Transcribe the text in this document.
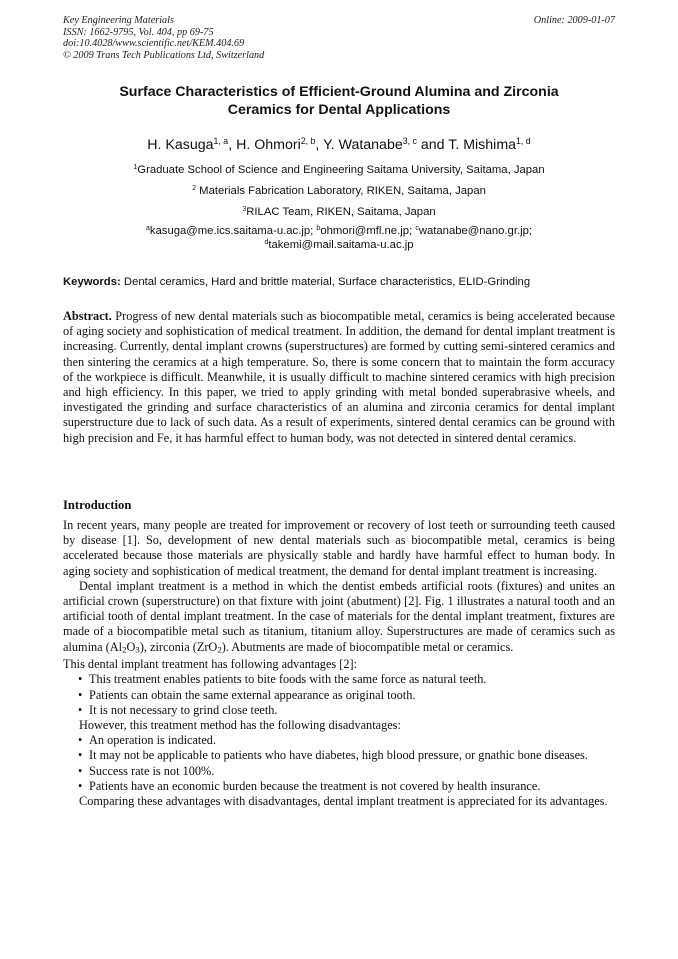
Key Engineering Materials
ISSN: 1662-9795, Vol. 404, pp 69-75
doi:10.4028/www.scientific.net/KEM.404.69
© 2009 Trans Tech Publications Ltd, Switzerland
Online: 2009-01-07
Surface Characteristics of Efficient-Ground Alumina and Zirconia
Ceramics for Dental Applications
H. Kasuga$^{1, a}$, H. Ohmori$^{2, b}$, Y. Watanabe$^{3, c}$ and T. Mishima$^{1, d}$
$^1$Graduate School of Science and Engineering Saitama University, Saitama, Japan
$^2$ Materials Fabrication Laboratory, RIKEN, Saitama, Japan
$^3$RILAC Team, RIKEN, Saitama, Japan
$^a$kasuga@me.ics.saitama-u.ac.jp; $^b$ohmori@mfl.ne.jp; $^c$watanabe@nano.gr.jp;
$^d$takemi@mail.saitama-u.ac.jp
Keywords: Dental ceramics, Hard and brittle material, Surface characteristics, ELID-Grinding

Abstract. Progress of new dental materials such as biocompatible metal, ceramics is being accelerated because of aging society and sophistication of medical treatment. In addition, the demand for dental implant treatment is increasing. Currently, dental implant crowns (superstructures) are formed by cutting semi-sintered ceramics and then sintering the ceramics at a high temperature. So, there is some concern that to maintain the form accuracy of the workpiece is difficult. Meanwhile, it is usually difficult to machine sintered ceramics with high precision and high efficiency. In this paper, we tried to apply grinding with metal bonded superabrasive wheels, and investigated the grinding and surface characteristics of an alumina and zirconia ceramics for dental implant superstructure due to lack of such data. As a result of experiments, sintered dental ceramics can be ground with high precision and Fe, it has harmful effect to human body, was not detected in sintered dental ceramics.

Introduction

In recent years, many people are treated for improvement or recovery of lost teeth or surrounding teeth caused by disease [1]. So, development of new dental materials such as biocompatible metal, ceramics is being accelerated because those materials are physically stable and hardly have harmful effect to human body. In aging society and sophistication of medical treatment, the demand for dental implant treatment is increasing.

Dental implant treatment is a method in which the dentist embeds artificial roots (fixtures) and unites an artificial crown (superstructure) on that fixture with joint (abutment) [2]. Fig. 1 illustrates a natural tooth and an artificial tooth of dental implant treatment. In the case of materials for the dental implant treatment, fixtures are made of a biocompatible metal such as titanium, titanium alloy. Superstructures are made of ceramics such as alumina $(Al_2O_3)$, zirconia (ZrO$_2$). Abutments are made of biocompatible metal or ceramics.

This dental implant treatment has following advantages [2]:

• This treatment enables patients to bite foods with the same force as natural teeth.
• Patients can obtain the same external appearance as original tooth.
• It is not necessary to grind close teeth.

However, this treatment method has the following disadvantages:

• An operation is indicated.
• It may not be applicable to patients who have diabetes, high blood pressure, or gnathic bone diseases.
• Success rate is not 100%.
• Patients have an economic burden because the treatment is not covered by health insurance.

Comparing these advantages with disadvantages, dental implant treatment is appreciated for its advantages.
